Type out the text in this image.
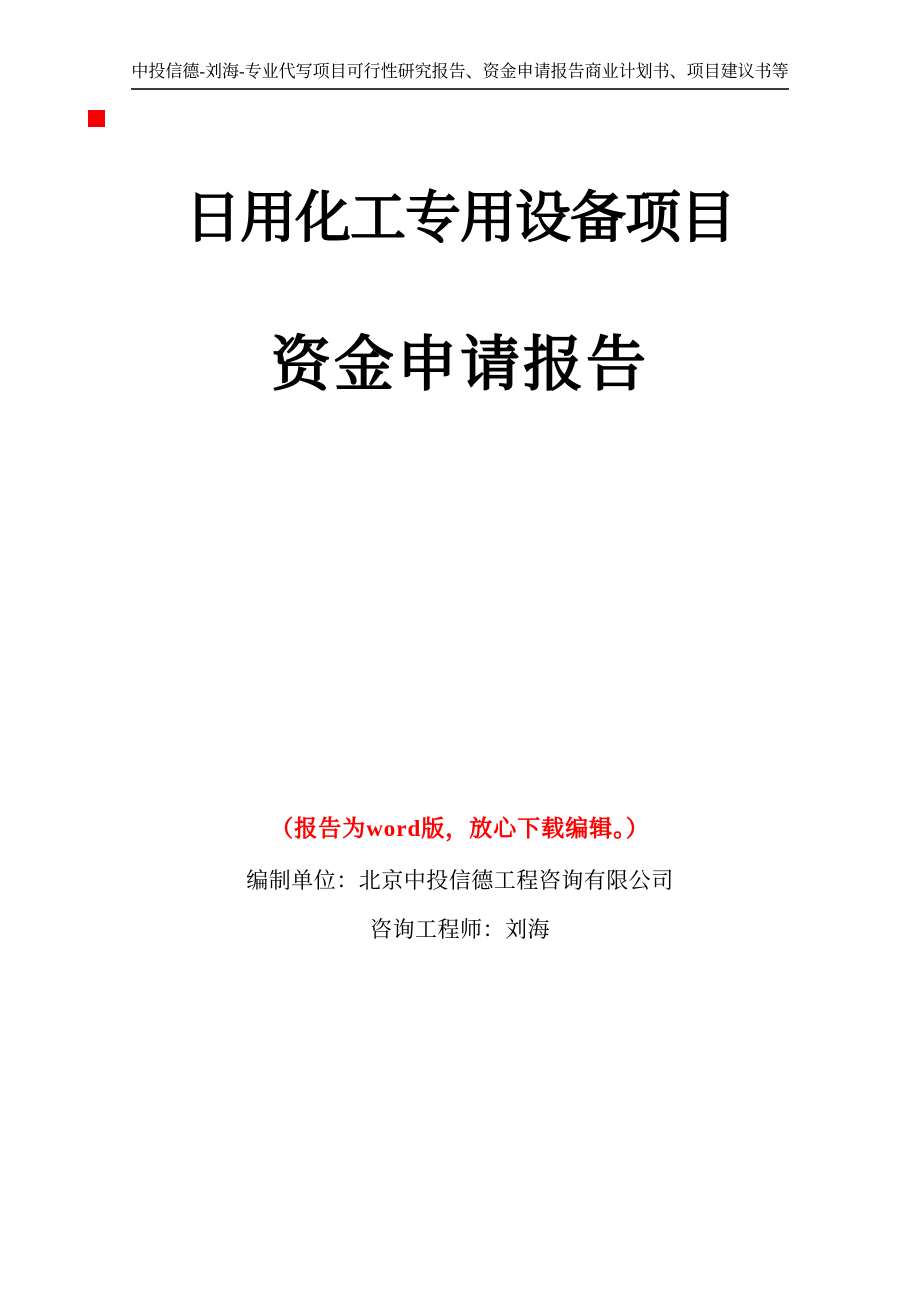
中投信德-刘海-专业代写项目可行性研究报告、资金申请报告商业计划书、项目建议书等
日用化工专用设备项目
资金申请报告
（报告为word版，放心下载编辑。）
编制单位：北京中投信德工程咨询有限公司
咨询工程师：刘海
